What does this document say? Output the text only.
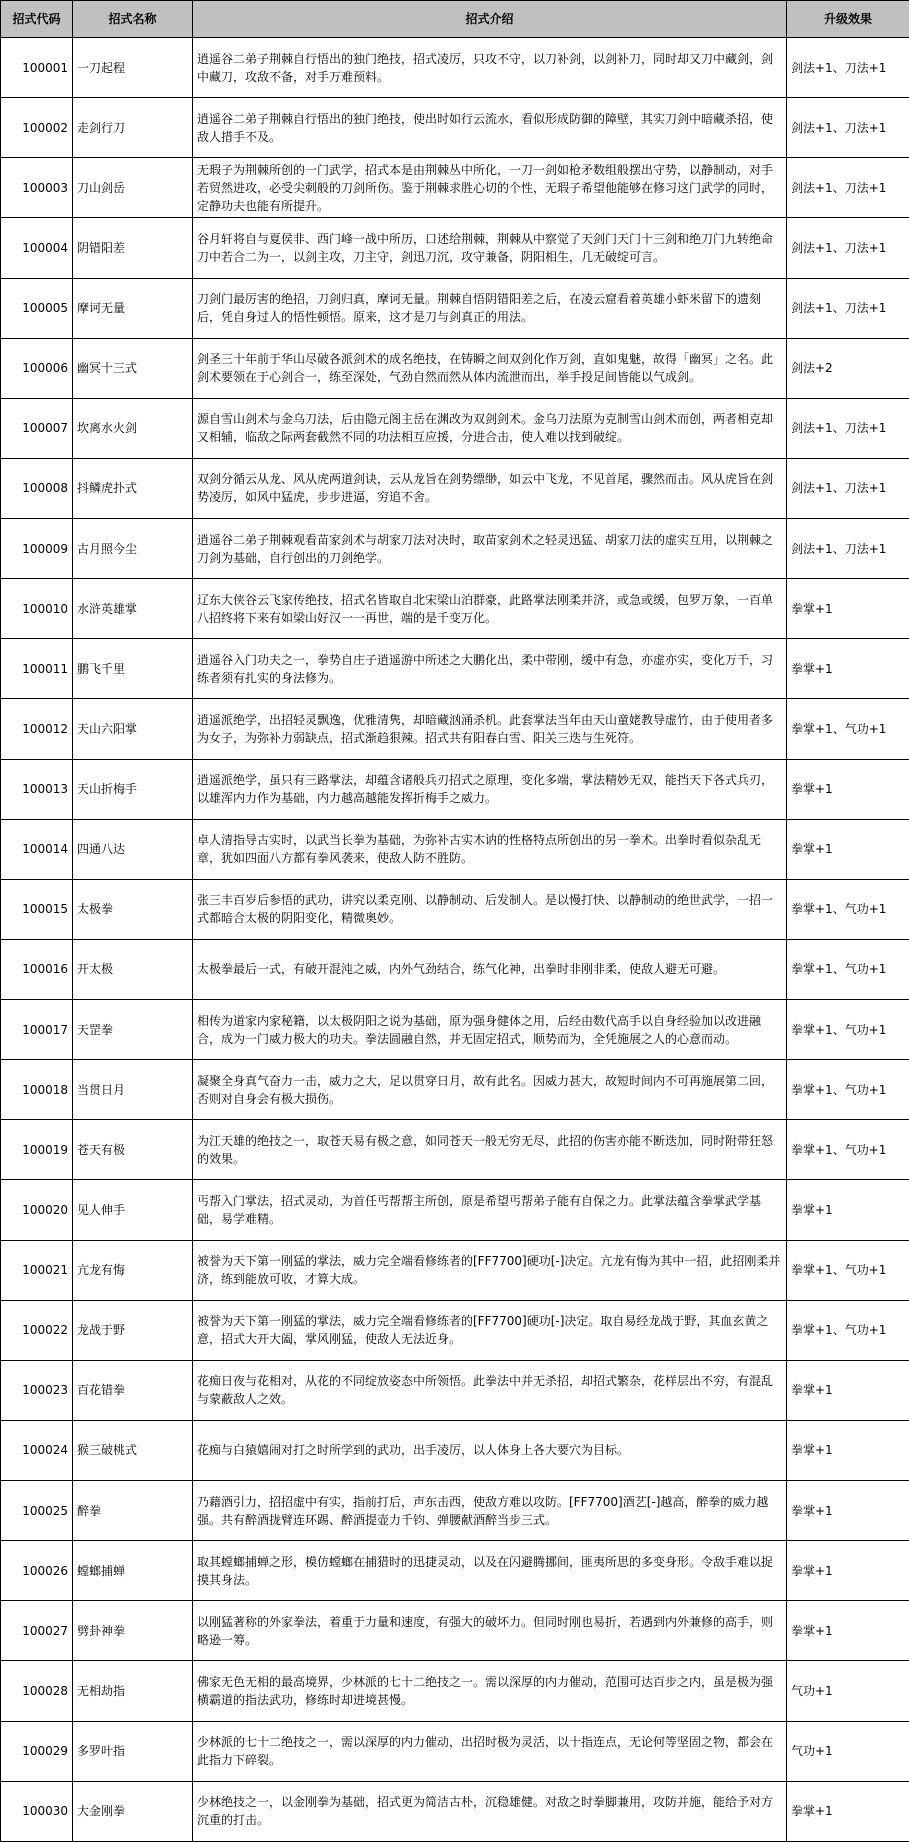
招式代码	招式名称	招式介绍	升级效果
100001	一刀起程	逍遥谷二弟子荆棘自行悟出的独门绝技，招式凌厉，只攻不守，以刀补剑，以剑补刀，同时却又刀中藏剑，剑中藏刀，攻敌不备，对手万难预料。	剑法+1、刀法+1
100002	走剑行刀	逍遥谷二弟子荆棘自行悟出的独门绝技，使出时如行云流水，看似形成防御的障壁，其实刀剑中暗藏杀招，使敌人措手不及。	剑法+1、刀法+1
100003	刀山剑岳	无瑕子为荆棘所创的一门武学，招式本是由荆棘丛中所化，一刀一剑如枪矛数组般摆出守势，以静制动，对手若贸然进攻，必受尖刺般的刀剑所伤。鉴于荆棘求胜心切的个性，无瑕子希望他能够在修习这门武学的同时，定静功夫也能有所提升。	剑法+1、刀法+1
100004	阴错阳差	谷月轩将自与夏侯非、西门峰一战中所历，口述给荆棘，荆棘从中察觉了天剑门天门十三剑和绝刀门九转绝命刀中若合二为一，以剑主攻，刀主守，剑迅刀沉，攻守兼备，阴阳相生，几无破绽可言。	剑法+1、刀法+1
100005	摩诃无量	刀剑门最厉害的绝招，刀剑归真，摩诃无量。荆棘自悟阴错阳差之后，在凌云窟看着英雄小虾米留下的遗刻后，凭自身过人的悟性顿悟。原来，这才是刀与剑真正的用法。	剑法+1、刀法+1
100006	幽冥十三式	剑圣三十年前于华山尽破各派剑术的成名绝技，在铸瞬之间双剑化作万剑，直如鬼魅，故得「幽冥」之名。此剑术要领在于心剑合一，练至深处，气劲自然而然从体内流泄而出，举手投足间皆能以气成剑。	剑法+2
100007	坎离水火剑	源自雪山剑术与金乌刀法，后由隐元阁主岳在渊改为双剑剑术。金乌刀法原为克制雪山剑术而创，两者相克却又相辅，临敌之际两套截然不同的功法相互应援，分进合击，使人难以找到破绽。	剑法+1、刀法+1
100008	抖鳞虎扑式	双剑分循云从龙、风从虎两道剑诀，云从龙旨在剑势缥缈，如云中飞龙，不见首尾，骤然而击。风从虎旨在剑势凌厉，如风中猛虎，步步进逼，穷追不舍。	剑法+1、刀法+1
100009	古月照今尘	逍遥谷二弟子荆棘观看苗家剑术与胡家刀法对决时，取苗家剑术之轻灵迅猛、胡家刀法的虚实互用，以荆棘之刀剑为基础，自行创出的刀剑绝学。	剑法+1、刀法+1
100010	水浒英雄掌	辽东大侠谷云飞家传绝技，招式名皆取自北宋梁山泊群豪，此路掌法刚柔并济，或急或缓，包罗万象，一百单八招终将下来有如梁山好汉一一再世，端的是千变万化。	拳掌+1
100011	鹏飞千里	逍遥谷入门功夫之一，拳势自庄子逍遥游中所述之大鹏化出，柔中带刚，缓中有急，亦虚亦实，变化万千，习练者须有扎实的身法修为。	拳掌+1
100012	天山六阳掌	逍遥派绝学，出招轻灵飘逸，优雅清隽，却暗藏汹涌杀机。此套掌法当年由天山童姥教导虚竹，由于使用者多为女子，为弥补力弱缺点，招式渐趋狠辣。招式共有阳春白雪、阳关三迭与生死符。	拳掌+1、气功+1
100013	天山折梅手	逍遥派绝学，虽只有三路掌法，却蕴含诸般兵刃招式之原理，变化多端，掌法精妙无双，能挡天下各式兵刃，以雄浑内力作为基础，内力越高越能发挥折梅手之威力。	拳掌+1
100014	四通八达	卓人清指导古实时，以武当长拳为基础，为弥补古实木讷的性格特点所创出的另一拳术。出拳时看似杂乱无章，犹如四面八方都有拳风袭来，使敌人防不胜防。	拳掌+1
100015	太极拳	张三丰百岁后参悟的武功，讲究以柔克刚、以静制动、后发制人。是以慢打快、以静制动的绝世武学，一招一式都暗合太极的阴阳变化，精微奥妙。	拳掌+1、气功+1
100016	开太极	太极拳最后一式，有破开混沌之威，内外气劲结合，练气化神，出拳时非刚非柔，使敌人避无可避。	拳掌+1、气功+1
100017	天罡拳	相传为道家内家秘籍，以太极阴阳之说为基础，原为强身健体之用，后经由数代高手以自身经验加以改进融合，成为一门威力极大的功夫。拳法圆融自然，并无固定招式，顺势而为，全凭施展之人的心意而动。	拳掌+1、气功+1
100018	当贯日月	凝聚全身真气奋力一击，威力之大，足以贯穿日月，故有此名。因威力甚大，故短时间内不可再施展第二回，否则对自身会有极大损伤。	拳掌+1、气功+1
100019	苍天有极	为江天雄的绝技之一，取苍天易有极之意，如同苍天一般无穷无尽，此招的伤害亦能不断迭加，同时附带狂怒的效果。	拳掌+1、气功+1
100020	见人伸手	丐帮入门掌法，招式灵动，为首任丐帮帮主所创，原是希望丐帮弟子能有自保之力。此掌法蕴含拳掌武学基础，易学难精。	拳掌+1
100021	亢龙有悔	被誉为天下第一刚猛的掌法，威力完全端看修练者的[FF7700]硬功[-]决定。亢龙有悔为其中一招，此招刚柔并济，练到能放可收，才算大成。	拳掌+1、气功+1
100022	龙战于野	被誉为天下第一刚猛的掌法，威力完全端看修练者的[FF7700]硬功[-]决定。取自易经龙战于野，其血玄黄之意，招式大开大阖，掌风刚猛，使敌人无法近身。	拳掌+1、气功+1
100023	百花错拳	花痴日夜与花相对，从花的不同绽放姿态中所领悟。此拳法中并无杀招，却招式繁杂，花样层出不穷，有混乱与蒙蔽敌人之效。	拳掌+1
100024	猴三破桃式	花痴与白猿嬉闹对打之时所学到的武功，出手凌厉，以人体身上各大要穴为目标。	拳掌+1
100025	醉拳	乃藉酒引力，招招虚中有实，指前打后，声东击西，使敌方难以攻防。[FF7700]酒艺[-]越高，醉拳的威力越强。共有醉酒拢臂连环踢、醉酒提壶力千钧、弹腰献酒醉当步三式。	拳掌+1
100026	螳螂捕蝉	取其螳螂捕蝉之形，模仿螳螂在捕猎时的迅捷灵动，以及在闪避腾挪间，匪夷所思的多变身形。令敌手难以捉摸其身法。	拳掌+1
100027	劈卦神拳	以刚猛著称的外家拳法，着重于力量和速度，有强大的破坏力。但同时刚也易折，若遇到内外兼修的高手，则略逊一筹。	拳掌+1
100028	无相劫指	佛家无色无相的最高境界，少林派的七十二绝技之一。需以深厚的内力催动，范围可达百步之内，虽是极为强横霸道的指法武功，修练时却进境甚慢。	气功+1
100029	多罗叶指	少林派的七十二绝技之一，需以深厚的内力催动，出招时极为灵活，以十指连点，无论何等坚固之物，都会在此指力下碎裂。	气功+1
100030	大金刚拳	少林绝技之一，以金刚拳为基础，招式更为简洁古朴，沉稳雄健。对敌之时拳脚兼用，攻防并施，能给予对方沉重的打击。	拳掌+1
